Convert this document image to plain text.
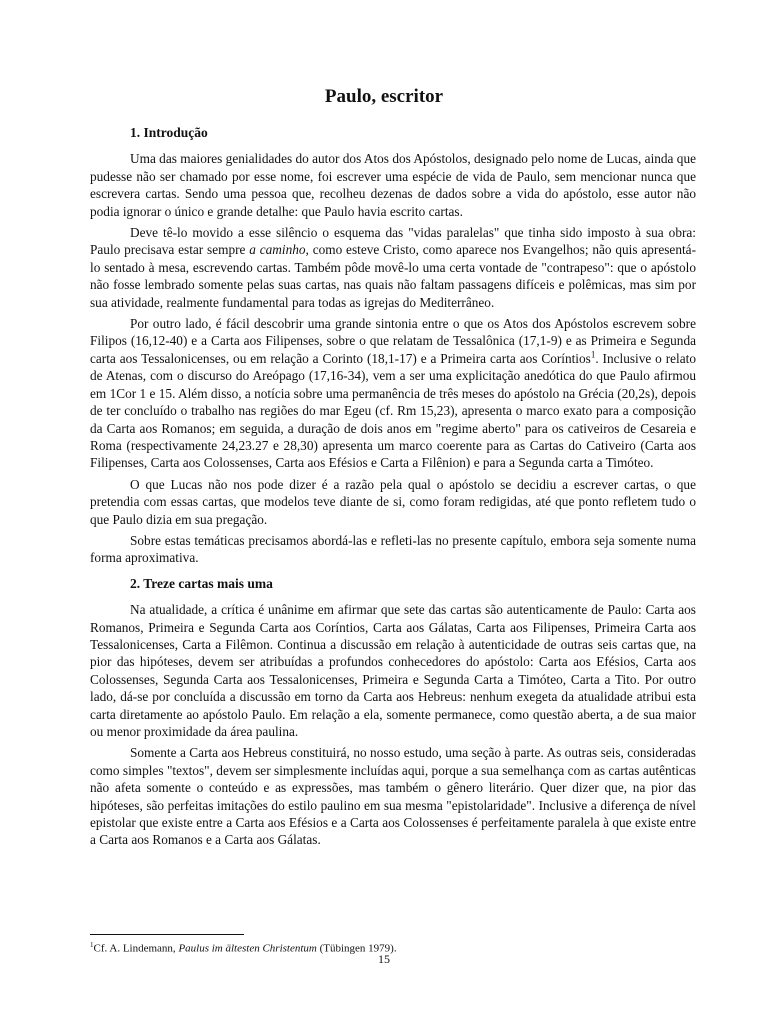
Paulo, escritor
1. Introdução

Uma das maiores genialidades do autor dos Atos dos Apóstolos, designado pelo nome de Lucas, ainda que pudesse não ser chamado por esse nome, foi escrever uma espécie de vida de Paulo, sem mencionar nunca que escrevera cartas. Sendo uma pessoa que, recolheu dezenas de dados sobre a vida do apóstolo, esse autor não podia ignorar o único e grande detalhe: que Paulo havia escrito cartas.

Deve tê-lo movido a esse silêncio o esquema das "vidas paralelas" que tinha sido imposto à sua obra: Paulo precisava estar sempre a caminho, como esteve Cristo, como aparece nos Evangelhos; não quis apresentá-lo sentado à mesa, escrevendo cartas. Também pôde movê-lo uma certa vontade de "contrapeso": que o apóstolo não fosse lembrado somente pelas suas cartas, nas quais não faltam passagens difíceis e polêmicas, mas sim por sua atividade, realmente fundamental para todas as igrejas do Mediterrâneo.

Por outro lado, é fácil descobrir uma grande sintonia entre o que os Atos dos Apóstolos escrevem sobre Filipos (16,12-40) e a Carta aos Filipenses, sobre o que relatam de Tessalônica (17,1-9) e as Primeira e Segunda carta aos Tessalonicenses, ou em relação a Corinto (18,1-17) e a Primeira carta aos Coríntios$^1$. Inclusive o relato de Atenas, com o discurso do Areópago (17,16-34), vem a ser uma explicitação anedótica do que Paulo afirmou em 1Cor 1 e 15. Além disso, a notícia sobre uma permanência de três meses do apóstolo na Grécia (20,2s), depois de ter concluído o trabalho nas regiões do mar Egeu (cf. Rm 15,23), apresenta o marco exato para a composição da Carta aos Romanos; em seguida, a duração de dois anos em "regime aberto" para os cativeiros de Cesareia e Roma (respectivamente 24,23.27 e 28,30) apresenta um marco coerente para as Cartas do Cativeiro (Carta aos Filipenses, Carta aos Colossenses, Carta aos Efésios e Carta a Filênion) e para a Segunda carta a Timóteo.

O que Lucas não nos pode dizer é a razão pela qual o apóstolo se decidiu a escrever cartas, o que pretendia com essas cartas, que modelos teve diante de si, como foram redigidas, até que ponto refletem tudo o que Paulo dizia em sua pregação.

Sobre estas temáticas precisamos abordá-las e refleti-las no presente capítulo, embora seja somente numa forma aproximativa.

2. Treze cartas mais uma

Na atualidade, a crítica é unânime em afirmar que sete das cartas são autenticamente de Paulo: Carta aos Romanos, Primeira e Segunda Carta aos Coríntios, Carta aos Gálatas, Carta aos Filipenses, Primeira Carta aos Tessalonicenses, Carta a Filêmon. Continua a discussão em relação à autenticidade de outras seis cartas que, na pior das hipóteses, devem ser atribuídas a profundos conhecedores do apóstolo: Carta aos Efésios, Carta aos Colossenses, Segunda Carta aos Tessalonicenses, Primeira e Segunda Carta a Timóteo, Carta a Tito. Por outro lado, dá-se por concluída a discussão em torno da Carta aos Hebreus: nenhum exegeta da atualidade atribui esta carta diretamente ao apóstolo Paulo. Em relação a ela, somente permanece, como questão aberta, a de sua maior ou menor proximidade da área paulina.

Somente a Carta aos Hebreus constituirá, no nosso estudo, uma seção à parte. As outras seis, consideradas como simples "textos", devem ser simplesmente incluídas aqui, porque a sua semelhança com as cartas autênticas não afeta somente o conteúdo e as expressões, mas também o gênero literário. Quer dizer que, na pior das hipóteses, são perfeitas imitações do estilo paulino em sua mesma "epistolaridade". Inclusive a diferença de nível epistolar que existe entre a Carta aos Efésios e a Carta aos Colossenses é perfeitamente paralela à que existe entre a Carta aos Romanos e a Carta aos Gálatas.

$^1$Cf. A. Lindemann, Paulus im ältesten Christentum (Tübingen 1979).
15
